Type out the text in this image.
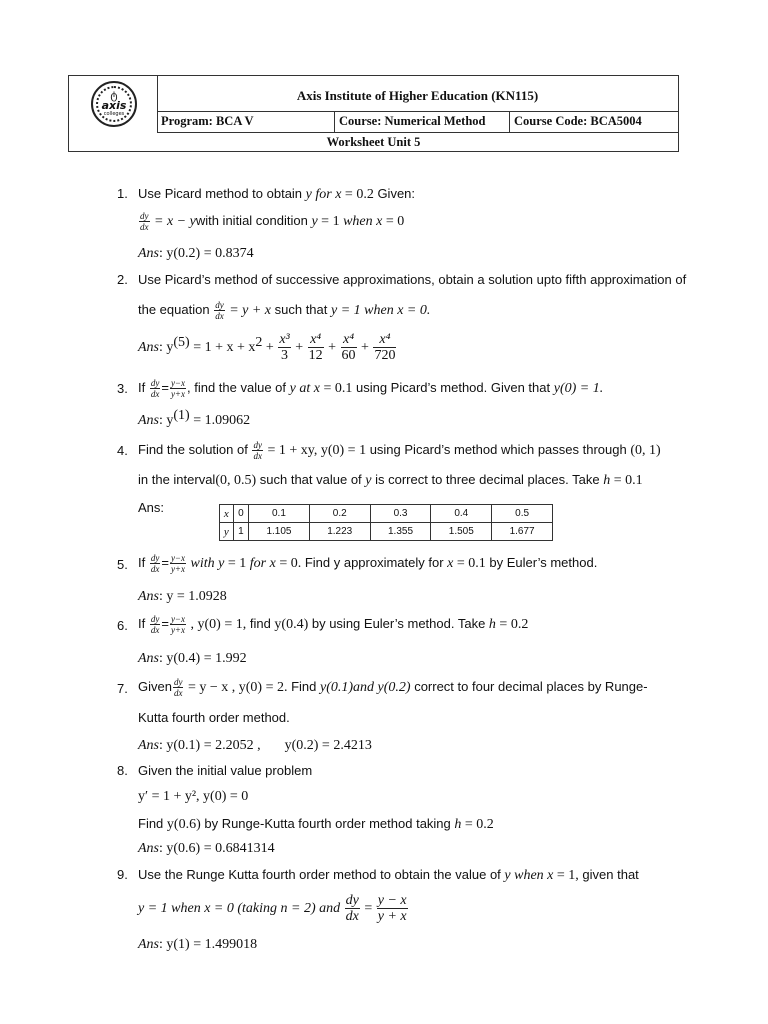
ტ
axis
colleges
Axis Institute of Higher Education (KN115)
Program: BCA V	Course: Numerical Method	Course Code: BCA5004
Worksheet Unit 5
1. Use Picard method to obtain y for x = 0.2 Given:
$\frac{dy}{dx} = x$ − ywith initial condition y = 1 when x = 0
Ans: y(0.2) = 0.8374
2. Use Picard’s method of successive approximations, obtain a solution upto fifth approximation of
the equation $\frac{dy}{dx} = y + x$ such that y = 1 when x = 0.
Ans: $y^{(5)} = 1 + x + x^2 + \frac{\text{x³}}{3} + \frac{\text{x⁴}}{12} + \frac{\text{x⁴}}{60} + \frac{\text{x⁴}}{720}$
3. If $\frac{dy}{dx} = \frac{y-x}{y+x}$ , find the value of y at x = 0.1 using Picard’s method. Given that y(0) = 1.
Ans: $y^{(1)} = 1.09062$
4. Find the solution of $\frac{dy}{dx} = 1$ + xy, y(0) = 1 using Picard’s method which passes through (0, 1)
in the interval(0, 0.5) such that value of y is correct to three decimal places. Take h = 0.1
Ans:	x	0	0.1	0.2	0.3	0.4	0.5
y	1	1.105	1.223	1.355	1.505	1.677
5. If $\frac{dy}{dx} = \frac{y-x}{y+x}$ with y = 1 for x = 0. Find y approximately for x = 0.1 by Euler’s method.
Ans: y = 1.0928
6. If $\frac{dy}{dx} = \frac{y-x}{y+x}$ , y(0) = 1, find y(0.4) by using Euler’s method. Take h = 0.2
Ans: y(0.4) = 1.992
7. Given $\frac{dy}{dx} = y - x$ , y(0) = 2. Find y(0.1)and y(0.2) correct to four decimal places by Runge-
Kutta fourth order method.
Ans: y(0.1) = 2.2052 , y(0.2) = 2.4213
8. Given the initial value problem
y′ = 1 + y², y(0) = 0
Find y(0.6) by Runge-Kutta fourth order method taking h = 0.2
Ans: y(0.6) = 0.6841314
9. Use the Runge Kutta fourth order method to obtain the value of y when x = 1, given that
y = 1 when x = 0 (taking n = 2) and $\frac{dy}{dx} = \frac{y - x}{y + x}$
Ans: y(1) = 1.499018
